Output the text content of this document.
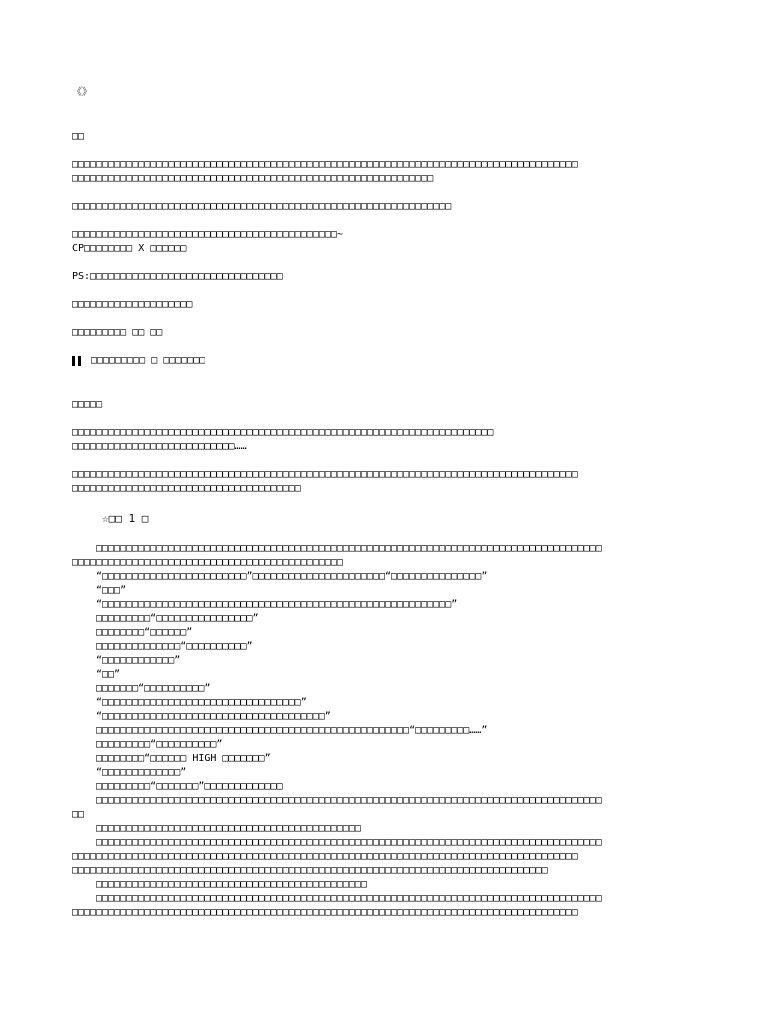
《》
□□
□□□□□□□□□□□□□□□□□□□□□□□□□□□□□□□□□□□□□□□□□□□□□□□□□□□□□□□□□□□□□□□□□□□□□□□□□□□□□□□□□□□□
□□□□□□□□□□□□□□□□□□□□□□□□□□□□□□□□□□□□□□□□□□□□□□□□□□□□□□□□□□□□
□□□□□□□□□□□□□□□□□□□□□□□□□□□□□□□□□□□□□□□□□□□□□□□□□□□□□□□□□□□□□□□
□□□□□□□□□□□□□□□□□□□□□□□□□□□□□□□□□□□□□□□□□□□□~
CP□□□□□□□□ X □□□□□□
PS:□□□□□□□□□□□□□□□□□□□□□□□□□□□□□□□□
□□□□□□□□□□□□□□□□□□□□
□□□□□□□□□ □□ □□
□□□□□□□□□ □ □□□□□□□
□□□□□
□□□□□□□□□□□□□□□□□□□□□□□□□□□□□□□□□□□□□□□□□□□□□□□□□□□□□□□□□□□□□□□□□□□□□□
□□□□□□□□□□□□□□□□□□□□□□□□□□□……
□□□□□□□□□□□□□□□□□□□□□□□□□□□□□□□□□□□□□□□□□□□□□□□□□□□□□□□□□□□□□□□□□□□□□□□□□□□□□□□□□□□□
□□□□□□□□□□□□□□□□□□□□□□□□□□□□□□□□□□□□□□
☆□□ 1 □
□□□□□□□□□□□□□□□□□□□□□□□□□□□□□□□□□□□□□□□□□□□□□□□□□□□□□□□□□□□□□□□□□□□□□□□□□□□□□□□□□□□□
□□□□□□□□□□□□□□□□□□□□□□□□□□□□□□□□□□□□□□□□□□□□□
“□□□□□□□□□□□□□□□□□□□□□□□□”□□□□□□□□□□□□□□□□□□□□□□“□□□□□□□□□□□□□□□”
“□□□”
“□□□□□□□□□□□□□□□□□□□□□□□□□□□□□□□□□□□□□□□□□□□□□□□□□□□□□□□□□□”
□□□□□□□□□“□□□□□□□□□□□□□□□□”
□□□□□□□□“□□□□□□”
□□□□□□□□□□□□□□“□□□□□□□□□□”
“□□□□□□□□□□□□”
“□□”
□□□□□□□“□□□□□□□□□□”
“□□□□□□□□□□□□□□□□□□□□□□□□□□□□□□□□□”
“□□□□□□□□□□□□□□□□□□□□□□□□□□□□□□□□□□□□□”
□□□□□□□□□□□□□□□□□□□□□□□□□□□□□□□□□□□□□□□□□□□□□□□□□□□□“□□□□□□□□□……”
□□□□□□□□□“□□□□□□□□□□”
□□□□□□□□“□□□□□□ HIGH □□□□□□□”
“□□□□□□□□□□□□□”
□□□□□□□□□“□□□□□□□”□□□□□□□□□□□□□
□□□□□□□□□□□□□□□□□□□□□□□□□□□□□□□□□□□□□□□□□□□□□□□□□□□□□□□□□□□□□□□□□□□□□□□□□□□□□□□□□□□□
□□
□□□□□□□□□□□□□□□□□□□□□□□□□□□□□□□□□□□□□□□□□□□□
□□□□□□□□□□□□□□□□□□□□□□□□□□□□□□□□□□□□□□□□□□□□□□□□□□□□□□□□□□□□□□□□□□□□□□□□□□□□□□□□□□□□
□□□□□□□□□□□□□□□□□□□□□□□□□□□□□□□□□□□□□□□□□□□□□□□□□□□□□□□□□□□□□□□□□□□□□□□□□□□□□□□□□□□□
□□□□□□□□□□□□□□□□□□□□□□□□□□□□□□□□□□□□□□□□□□□□□□□□□□□□□□□□□□□□□□□□□□□□□□□□□□□□□□□
□□□□□□□□□□□□□□□□□□□□□□□□□□□□□□□□□□□□□□□□□□□□□
□□□□□□□□□□□□□□□□□□□□□□□□□□□□□□□□□□□□□□□□□□□□□□□□□□□□□□□□□□□□□□□□□□□□□□□□□□□□□□□□□□□□
□□□□□□□□□□□□□□□□□□□□□□□□□□□□□□□□□□□□□□□□□□□□□□□□□□□□□□□□□□□□□□□□□□□□□□□□□□□□□□□□□□□□
